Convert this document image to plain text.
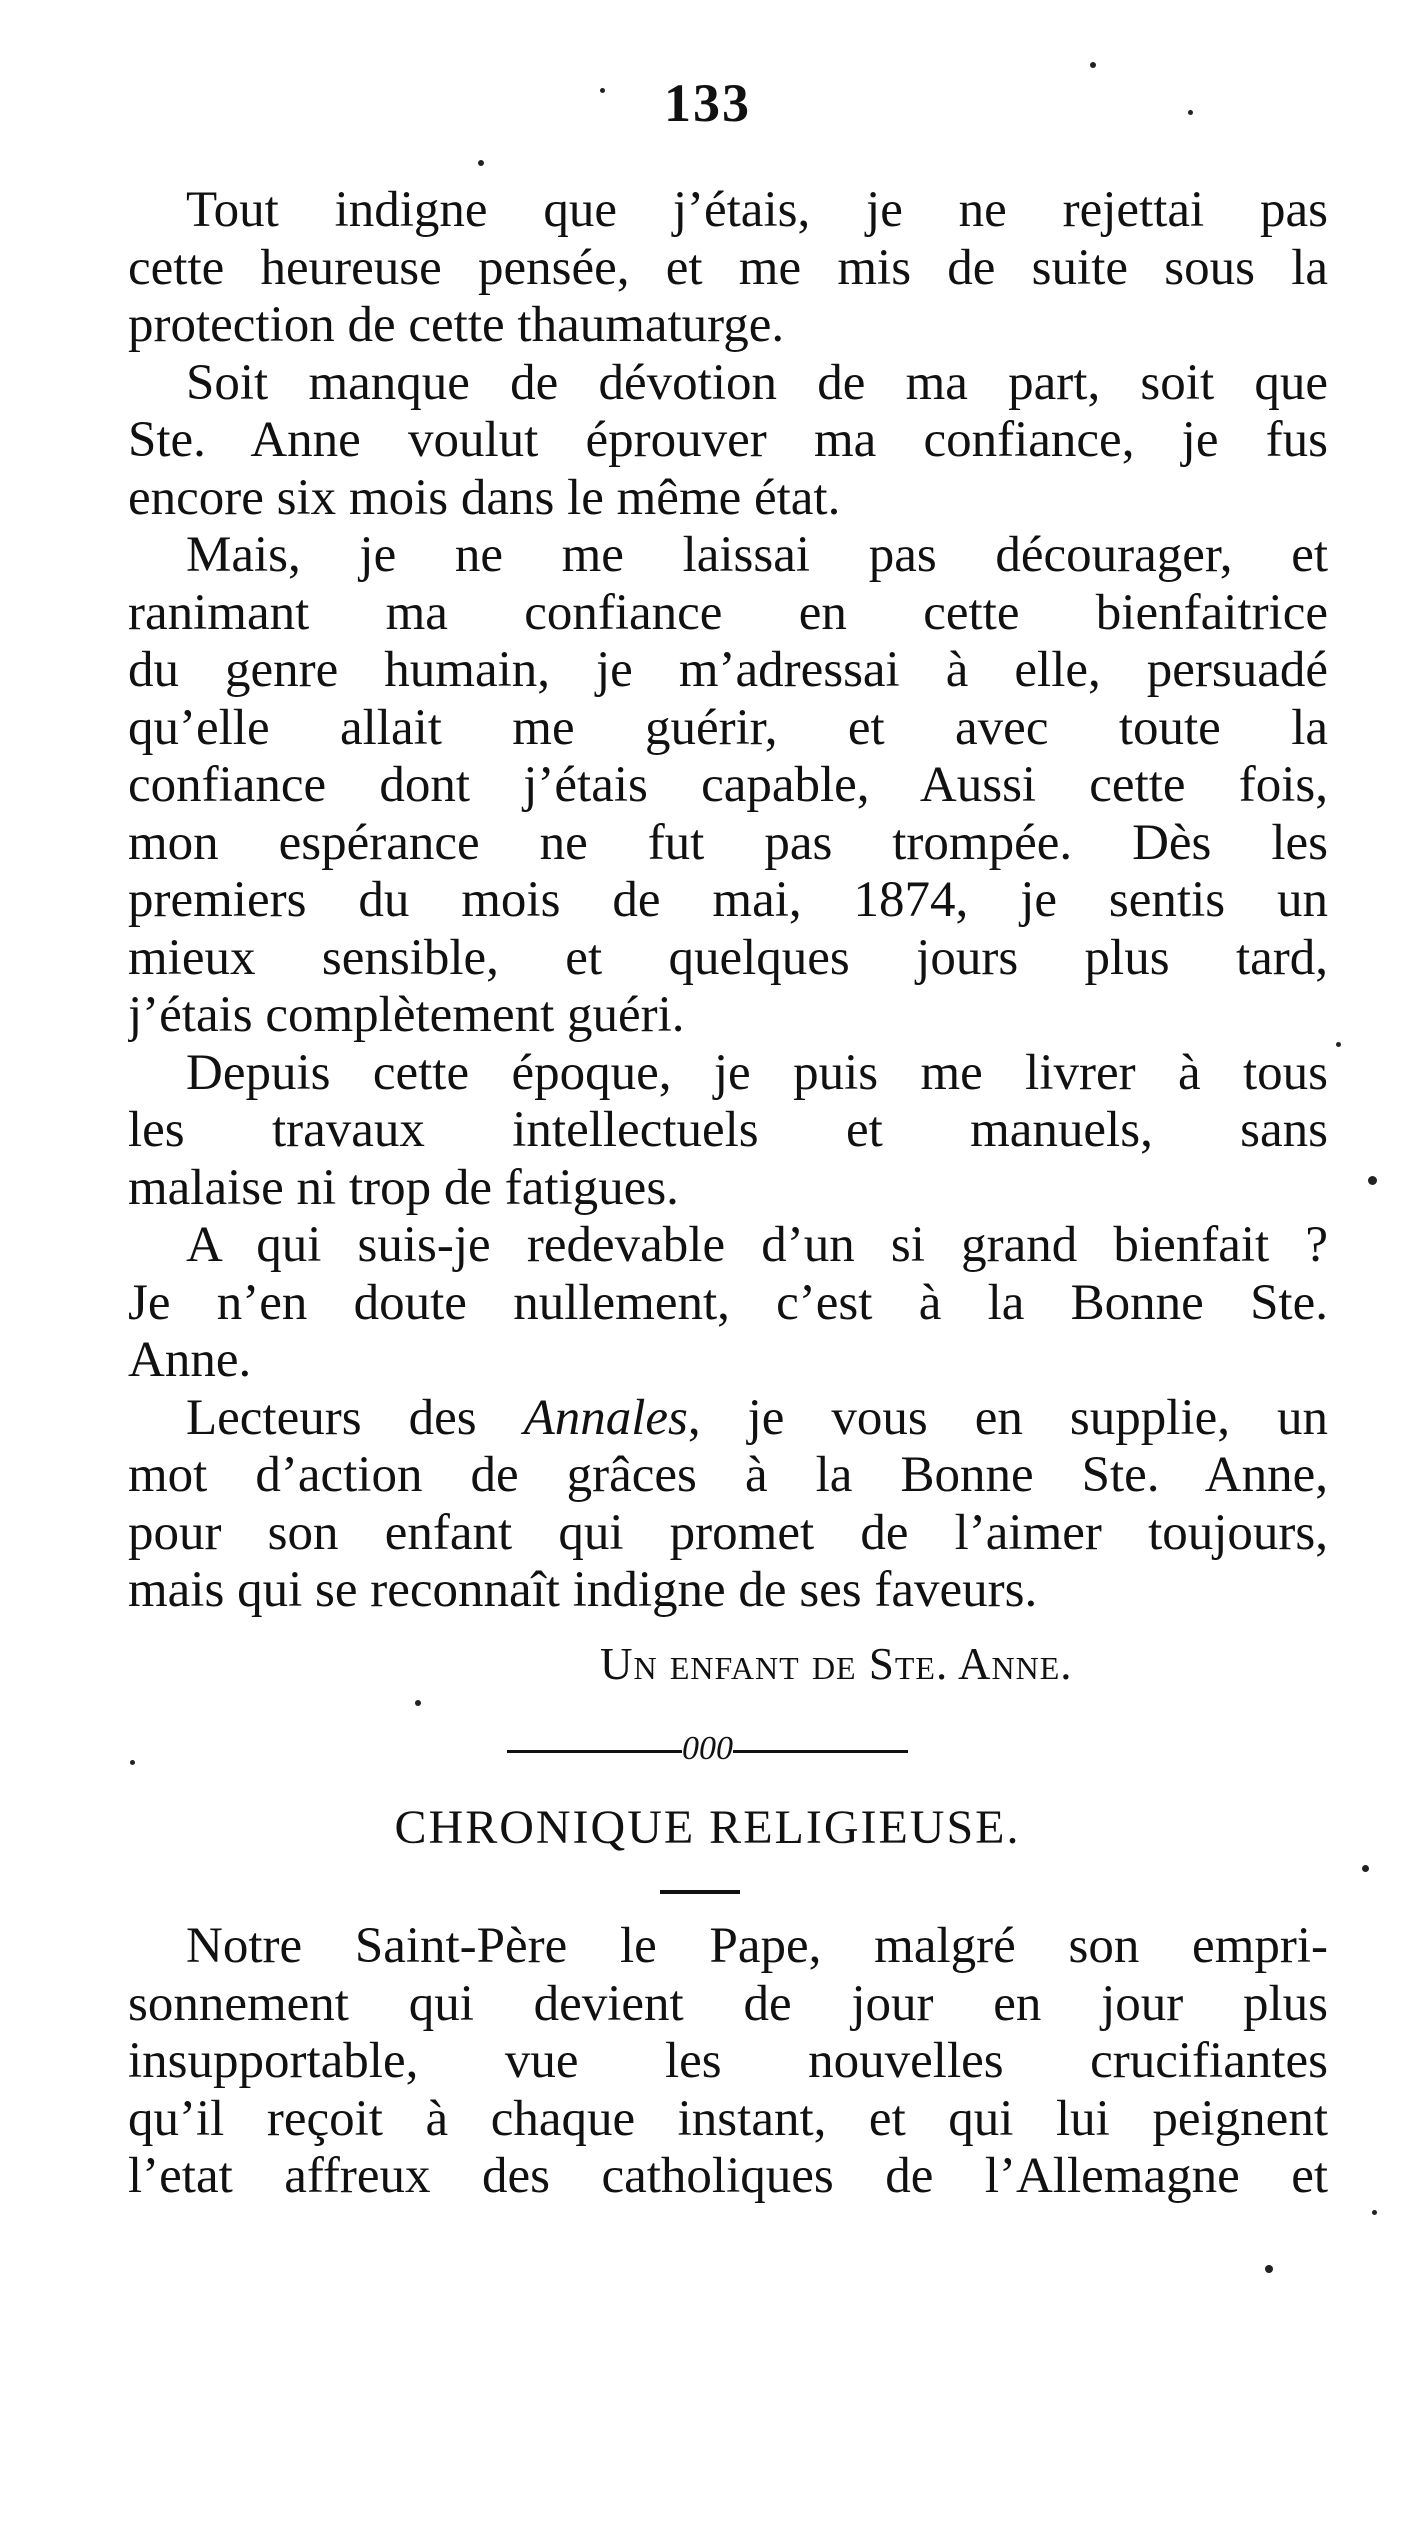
133
Tout indigne que j’étais, je ne rejettai pas
cette heureuse pensée, et me mis de suite sous la
protection de cette thaumaturge.
Soit manque de dévotion de ma part, soit que
Ste. Anne voulut éprouver ma confiance, je fus
encore six mois dans le même état.
Mais, je ne me laissai pas décourager, et
ranimant ma confiance en cette bienfaitrice
du genre humain, je m’adressai à elle, persuadé
qu’elle allait me guérir, et avec toute la
confiance dont j’étais capable, Aussi cette fois,
mon espérance ne fut pas trompée. Dès les
premiers du mois de mai, 1874, je sentis un
mieux sensible, et quelques jours plus tard,
j’étais complètement guéri.
Depuis cette époque, je puis me livrer à tous
les travaux intellectuels et manuels, sans
malaise ni trop de fatigues.
A qui suis-je redevable d’un si grand bienfait ?
Je n’en doute nullement, c’est à la Bonne Ste.
Anne.
Lecteurs des Annales, je vous en supplie, un
mot d’action de grâces à la Bonne Ste. Anne,
pour son enfant qui promet de l’aimer toujours,
mais qui se reconnaît indigne de ses faveurs.
Un enfant de Ste. Anne.
000
CHRONIQUE RELIGIEUSE.
Notre Saint-Père le Pape, malgré son empri-
sonnement qui devient de jour en jour plus
insupportable, vue les nouvelles crucifiantes
qu’il reçoit à chaque instant, et qui lui peignent
l’etat affreux des catholiques de l’Allemagne et
